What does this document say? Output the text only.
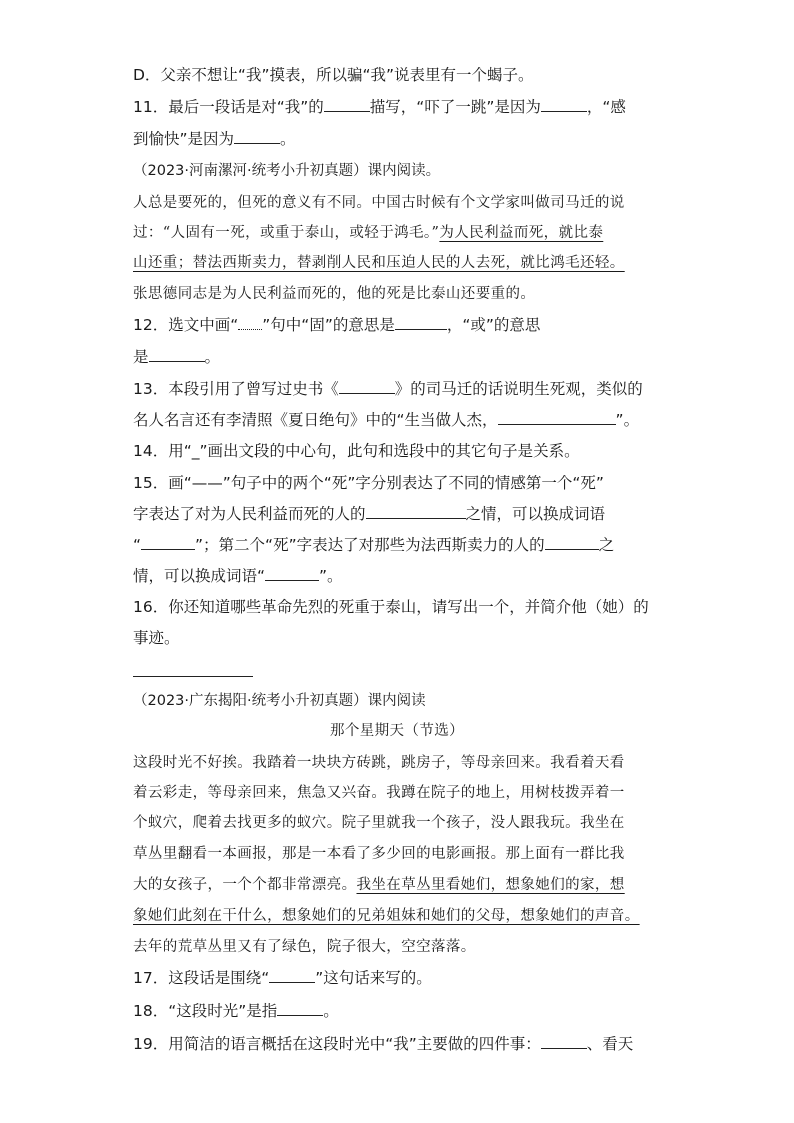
D．父亲不想让“我”摸表，所以骗“我”说表里有一个蝎子。
11．最后一段话是对“我”的	描写，“吓了一跳”是因为	，“感
到愉快”是因为	。
（2023·河南漯河·统考小升初真题）课内阅读。
人总是要死的，但死的意义有不同。中国古时候有个文学家叫做司马迁的说
过：“人固有一死，或重于泰山，或轻于鸿毛。”为人民利益而死，就比泰
山还重；替法西斯卖力，替剥削人民和压迫人民的人去死，就比鸿毛还轻。
张思德同志是为人民利益而死的，他的死是比泰山还要重的。
12．选文中画“ ”句中“固”的意思是	，“或”的意思
是	。
13．本段引用了曾写过史书《	》的司马迁的话说明生死观，类似的
名人名言还有李清照《夏日绝句》中的“生当做人杰，	”。
14．用“_”画出文段的中心句，此句和选段中的其它句子是关系。
15．画“——”句子中的两个“死”字分别表达了不同的情感第一个“死”
字表达了对为人民利益而死的人的	之情，可以换成词语
“	”；第二个“死”字表达了对那些为法西斯卖力的人的	之
情，可以换成词语“	”。
16．你还知道哪些革命先烈的死重于泰山，请写出一个，并简介他（她）的
事迹。
（2023·广东揭阳·统考小升初真题）课内阅读
那个星期天（节选）
这段时光不好挨。我踏着一块块方砖跳，跳房子，等母亲回来。我看着天看
着云彩走，等母亲回来，焦急又兴奋。我蹲在院子的地上，用树枝拨弄着一
个蚁穴，爬着去找更多的蚁穴。院子里就我一个孩子，没人跟我玩。我坐在
草丛里翻看一本画报，那是一本看了多少回的电影画报。那上面有一群比我
大的女孩子，一个个都非常漂亮。我坐在草丛里看她们，想象她们的家，想
象她们此刻在干什么，想象她们的兄弟姐妹和她们的父母，想象她们的声音。
去年的荒草丛里又有了绿色，院子很大，空空落落。
17．这段话是围绕“	”这句话来写的。
18．“这段时光”是指	。
19．用简洁的语言概括在这段时光中“我”主要做的四件事：	、看天
